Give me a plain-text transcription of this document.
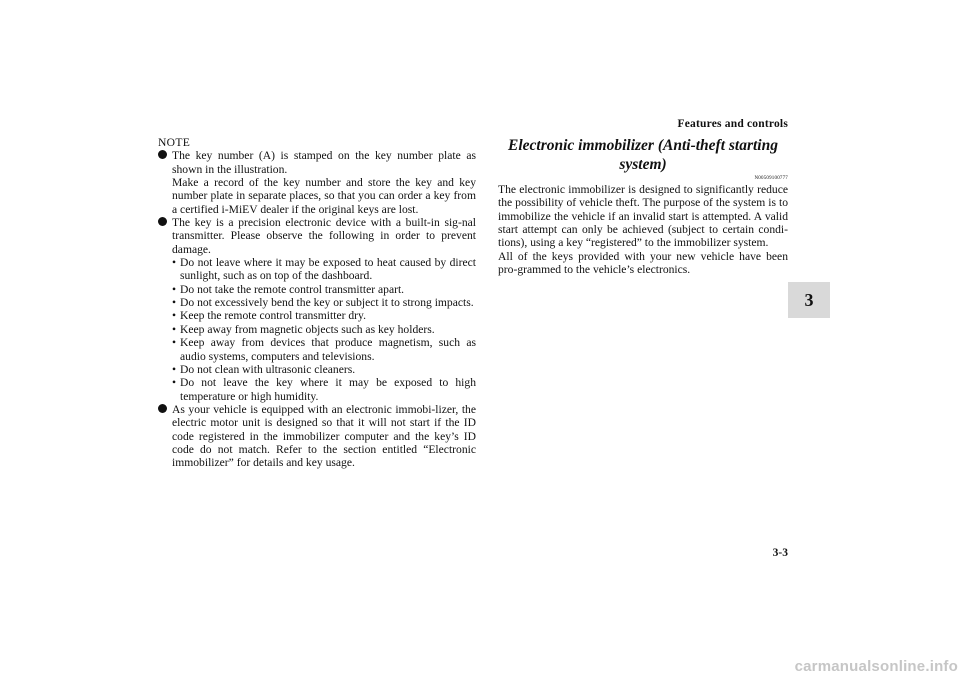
Features and controls
3
NOTE

The key number (A) is stamped on the key number plate as shown in the illustration.

Make a record of the key number and store the key and key number plate in separate places, so that you can order a key from a certified i-MiEV dealer if the original keys are lost.

The key is a precision electronic device with a built-in sig-nal transmitter. Please observe the following in order to prevent damage.

• Do not leave where it may be exposed to heat caused by direct sunlight, such as on top of the dashboard.
• Do not take the remote control transmitter apart.
• Do not excessively bend the key or subject it to strong impacts.
• Keep the remote control transmitter dry.
• Keep away from magnetic objects such as key holders.
• Keep away from devices that produce magnetism, such as audio systems, computers and televisions.
• Do not clean with ultrasonic cleaners.
• Do not leave the key where it may be exposed to high temperature or high humidity.

As your vehicle is equipped with an electronic immobi-lizer, the electric motor unit is designed so that it will not start if the ID code registered in the immobilizer computer and the key’s ID code do not match. Refer to the section entitled “Electronic immobilizer” for details and key usage.

Electronic immobilizer (Anti-theft starting system)
N00509100777

The electronic immobilizer is designed to significantly reduce the possibility of vehicle theft. The purpose of the system is to immobilize the vehicle if an invalid start is attempted. A valid start attempt can only be achieved (subject to certain condi-tions), using a key “registered” to the immobilizer system.

All of the keys provided with your new vehicle have been pro-grammed to the vehicle’s electronics.

3-3
carmanualsonline.info
